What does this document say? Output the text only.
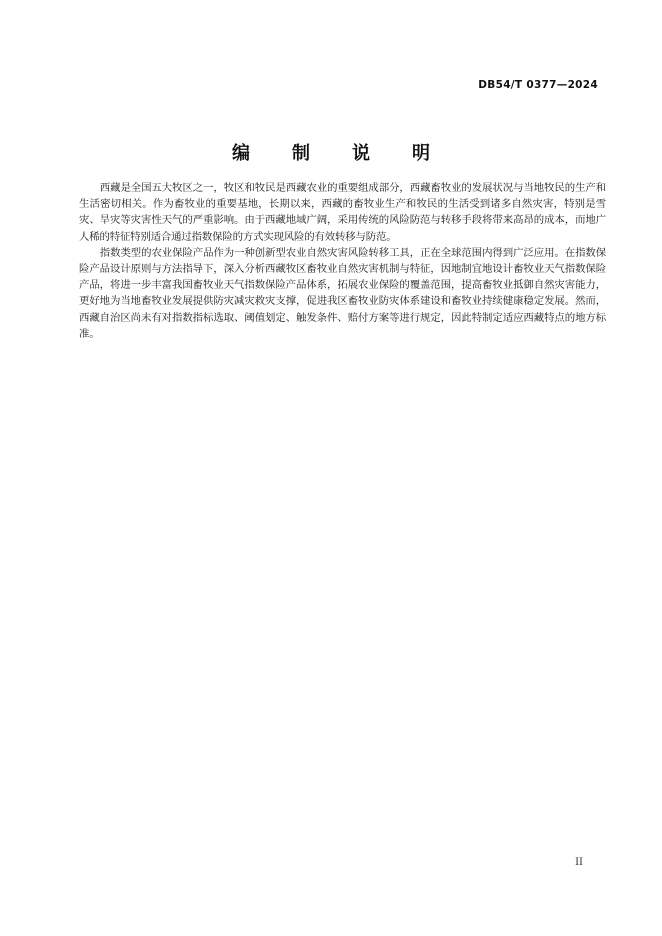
DB54/T 0377—2024
编 制 说 明

西藏是全国五大牧区之一，牧区和牧民是西藏农业的重要组成部分，西藏畜牧业的发展状况与当地牧民的生产和生活密切相关。作为畜牧业的重要基地，长期以来，西藏的畜牧业生产和牧民的生活受到诸多自然灾害，特别是雪灾、旱灾等灾害性天气的严重影响。由于西藏地域广阔，采用传统的风险防范与转移手段将带来高昂的成本，而地广人稀的特征特别适合通过指数保险的方式实现风险的有效转移与防范。

指数类型的农业保险产品作为一种创新型农业自然灾害风险转移工具，正在全球范围内得到广泛应用。在指数保险产品设计原则与方法指导下，深入分析西藏牧区畜牧业自然灾害机制与特征，因地制宜地设计畜牧业天气指数保险产品，将进一步丰富我国畜牧业天气指数保险产品体系，拓展农业保险的覆盖范围，提高畜牧业抵御自然灾害能力，更好地为当地畜牧业发展提供防灾减灾救灾支撑，促进我区畜牧业防灾体系建设和畜牧业持续健康稳定发展。然而，西藏自治区尚未有对指数指标选取、阈值划定、触发条件、赔付方案等进行规定，因此特制定适应西藏特点的地方标准。

II
